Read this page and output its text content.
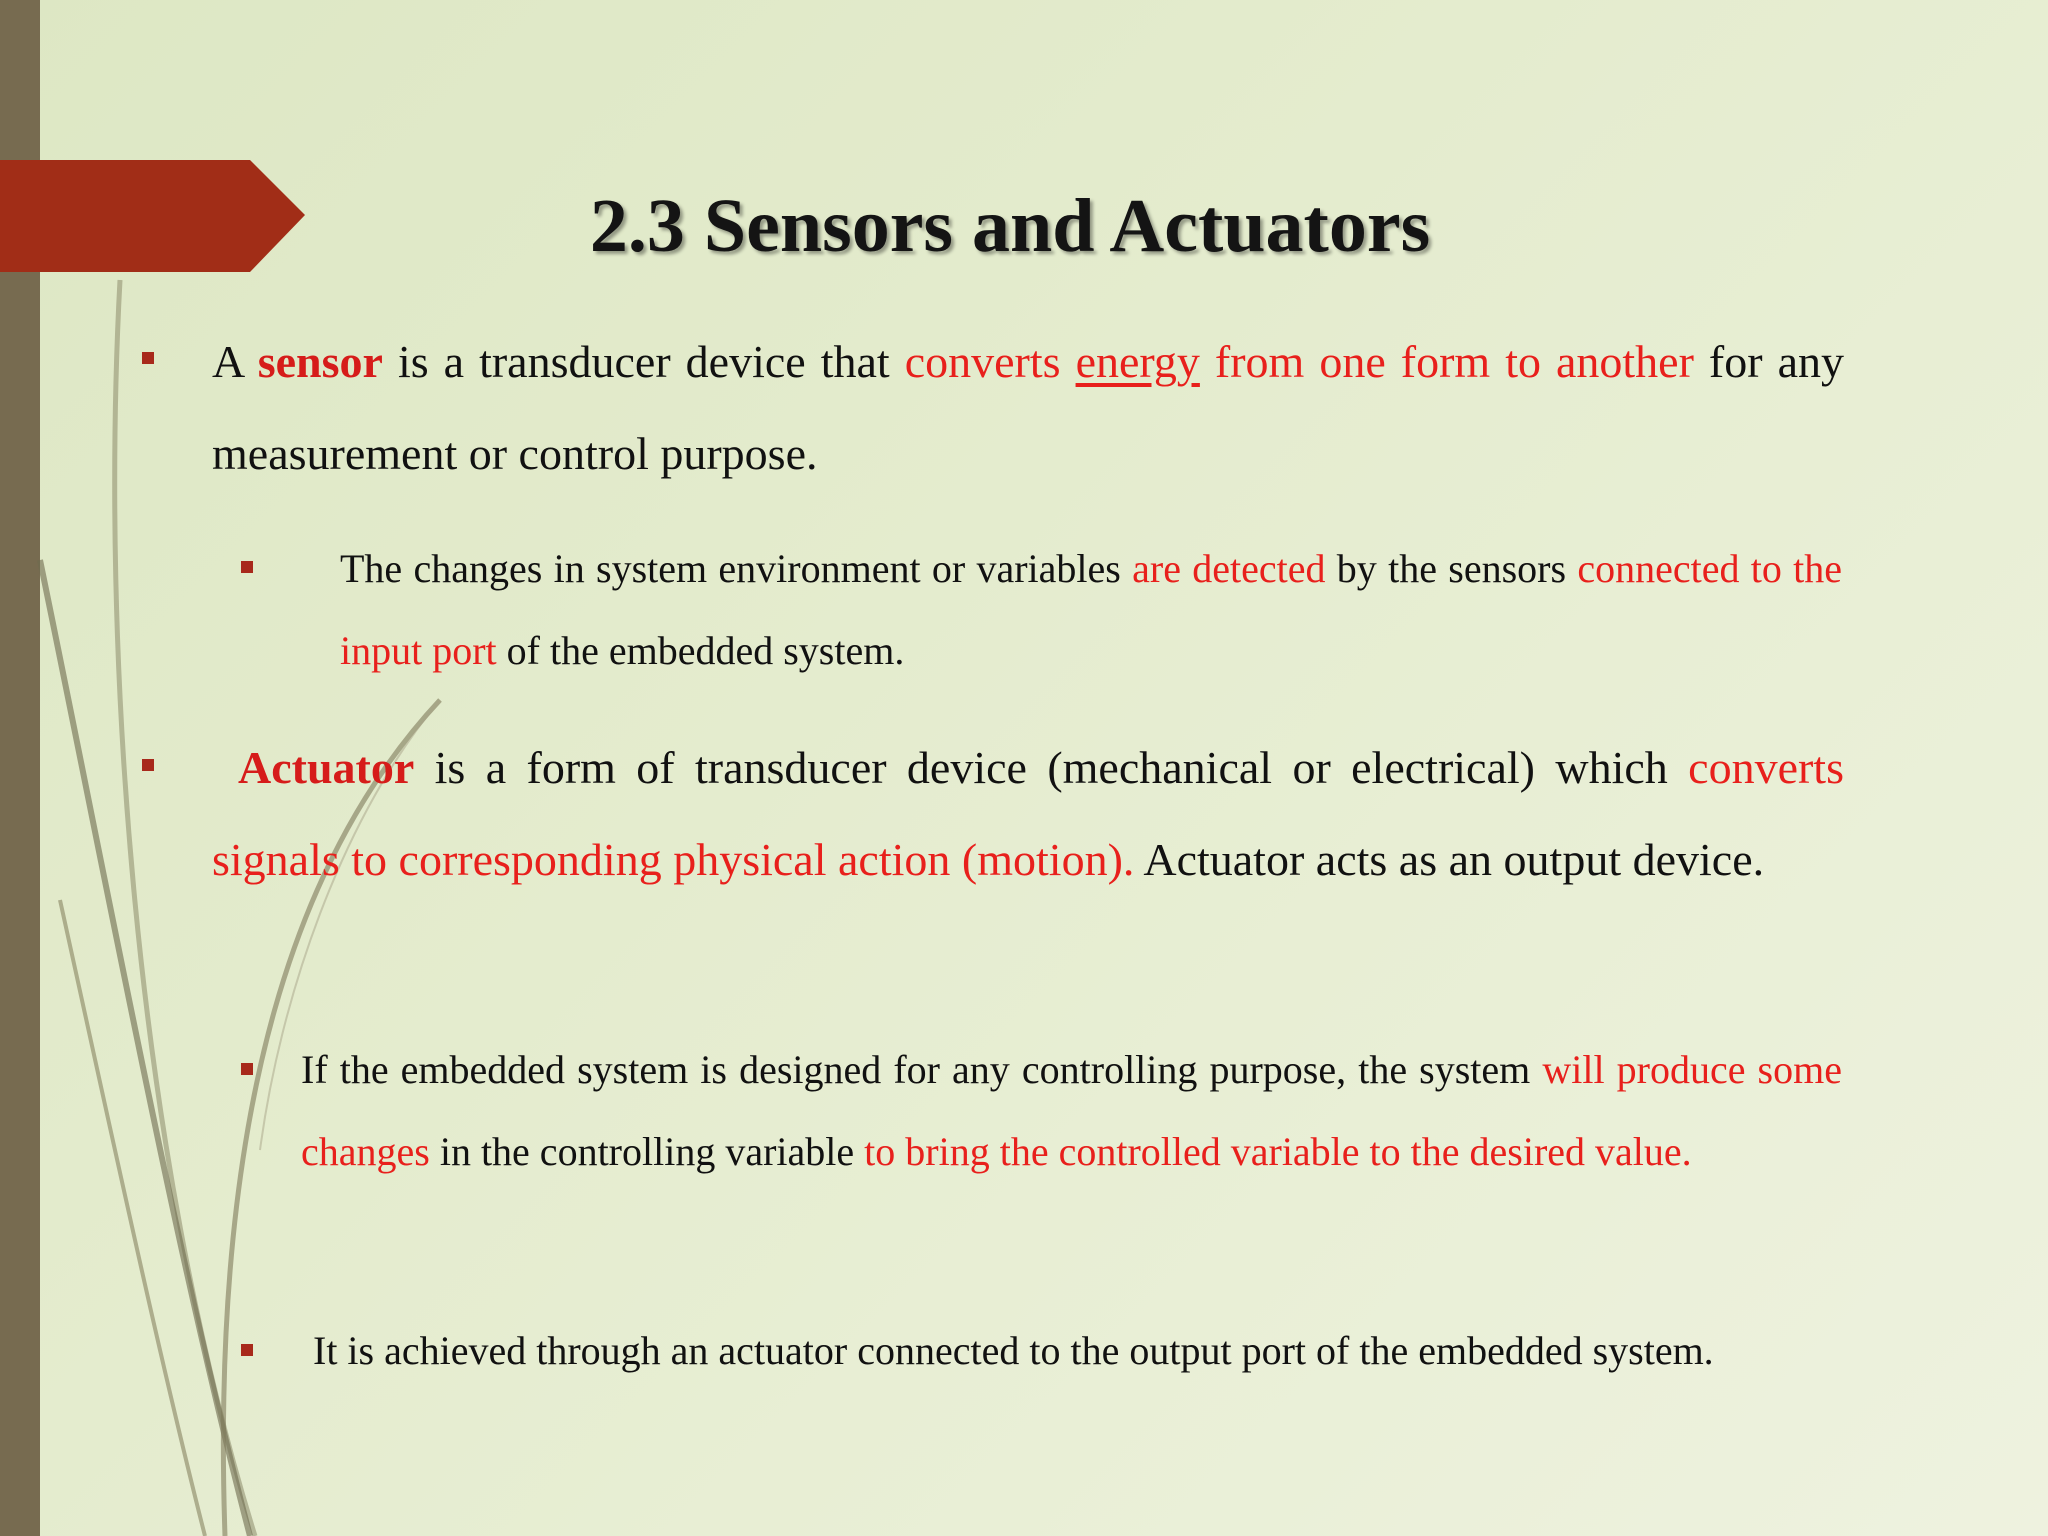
2.3 Sensors and Actuators
A sensor is a transducer device that converts energy from one form to another for any measurement or control purpose.
The changes in system environment or variables are detected by the sensors connected to the input port of the embedded system.
Actuator is a form of transducer device (mechanical or electrical) which converts signals to corresponding physical action (motion). Actuator acts as an output device.
If the embedded system is designed for any controlling purpose, the system will produce some changes in the controlling variable to bring the controlled variable to the desired value.
It is achieved through an actuator connected to the output port of the embedded system.
